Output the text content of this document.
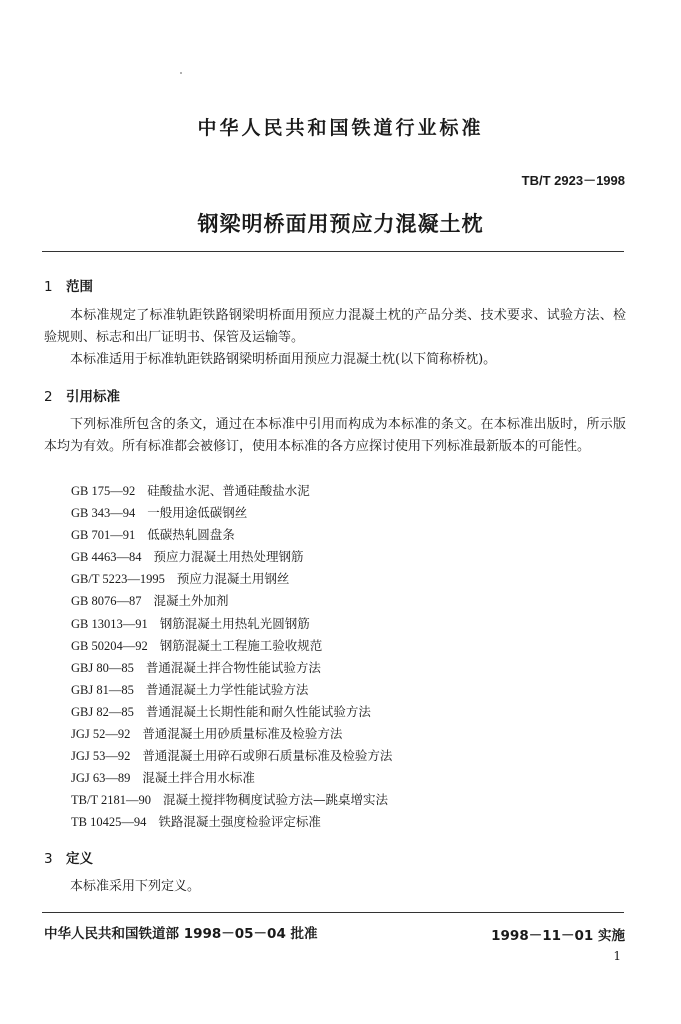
中华人民共和国铁道行业标准
TB/T 2923－1998
钢梁明桥面用预应力混凝土枕
1 范围
本标准规定了标准轨距铁路钢梁明桥面用预应力混凝土枕的产品分类、技术要求、试验方法、检验规则、标志和出厂证明书、保管及运输等。
本标准适用于标准轨距铁路钢梁明桥面用预应力混凝土枕(以下简称桥枕)。
2 引用标准
下列标准所包含的条文，通过在本标准中引用而构成为本标准的条文。在本标准出版时，所示版本均为有效。所有标准都会被修订，使用本标准的各方应探讨使用下列标准最新版本的可能性。
GB 175—92 硅酸盐水泥、普通硅酸盐水泥
GB 343—94 一般用途低碳钢丝
GB 701—91 低碳热轧圆盘条
GB 4463—84 预应力混凝土用热处理钢筋
GB/T 5223—1995 预应力混凝土用钢丝
GB 8076—87 混凝土外加剂
GB 13013—91 钢筋混凝土用热轧光圆钢筋
GB 50204—92 钢筋混凝土工程施工验收规范
GBJ 80—85 普通混凝土拌合物性能试验方法
GBJ 81—85 普通混凝土力学性能试验方法
GBJ 82—85 普通混凝土长期性能和耐久性能试验方法
JGJ 52—92 普通混凝土用砂质量标准及检验方法
JGJ 53—92 普通混凝土用碎石或卵石质量标准及检验方法
JGJ 63—89 混凝土拌合用水标准
TB/T 2181—90 混凝土搅拌物稠度试验方法—跳桌增实法
TB 10425—94 铁路混凝土强度检验评定标准
3 定义
本标准采用下列定义。
中华人民共和国铁道部 1998－05－04 批准	1998－11－01 实施
1
